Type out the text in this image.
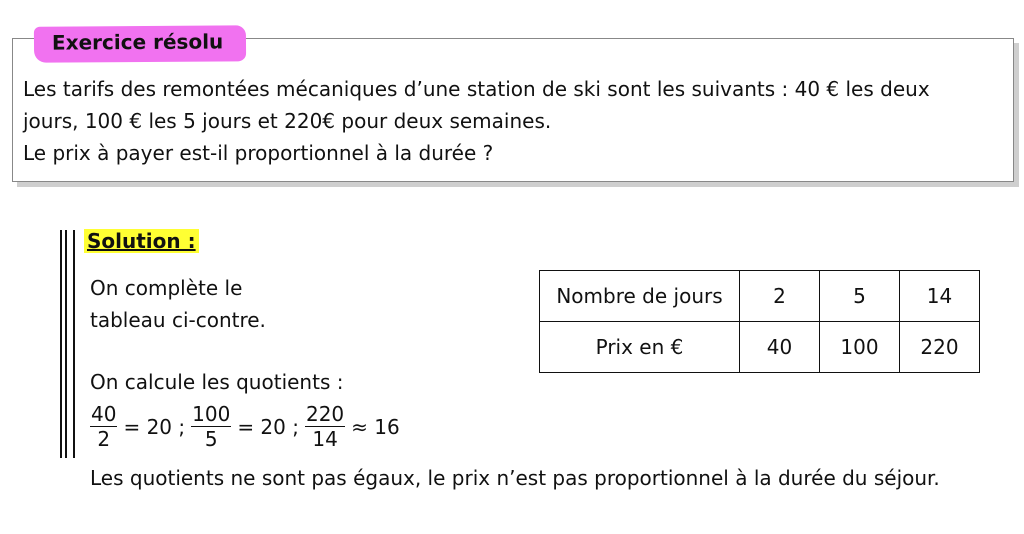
Exercice résolu

Les tarifs des remontées mécaniques d’une station de ski sont les suivants : 40 € les deux
jours, 100 € les 5 jours et 220€ pour deux semaines.
Le prix à payer est-il proportionnel à la durée ?

Solution :

On complète le
tableau ci-contre.

On calcule les quotients :

$\frac{40}{2} = 20$ ; $\frac{100}{5} = 20$ ; $\frac{220}{14} \approx 16$

Les quotients ne sont pas égaux, le prix n’est pas proportionnel à la durée du séjour.

Nombre de jours	2	5	14
Prix en €	40	100	220
